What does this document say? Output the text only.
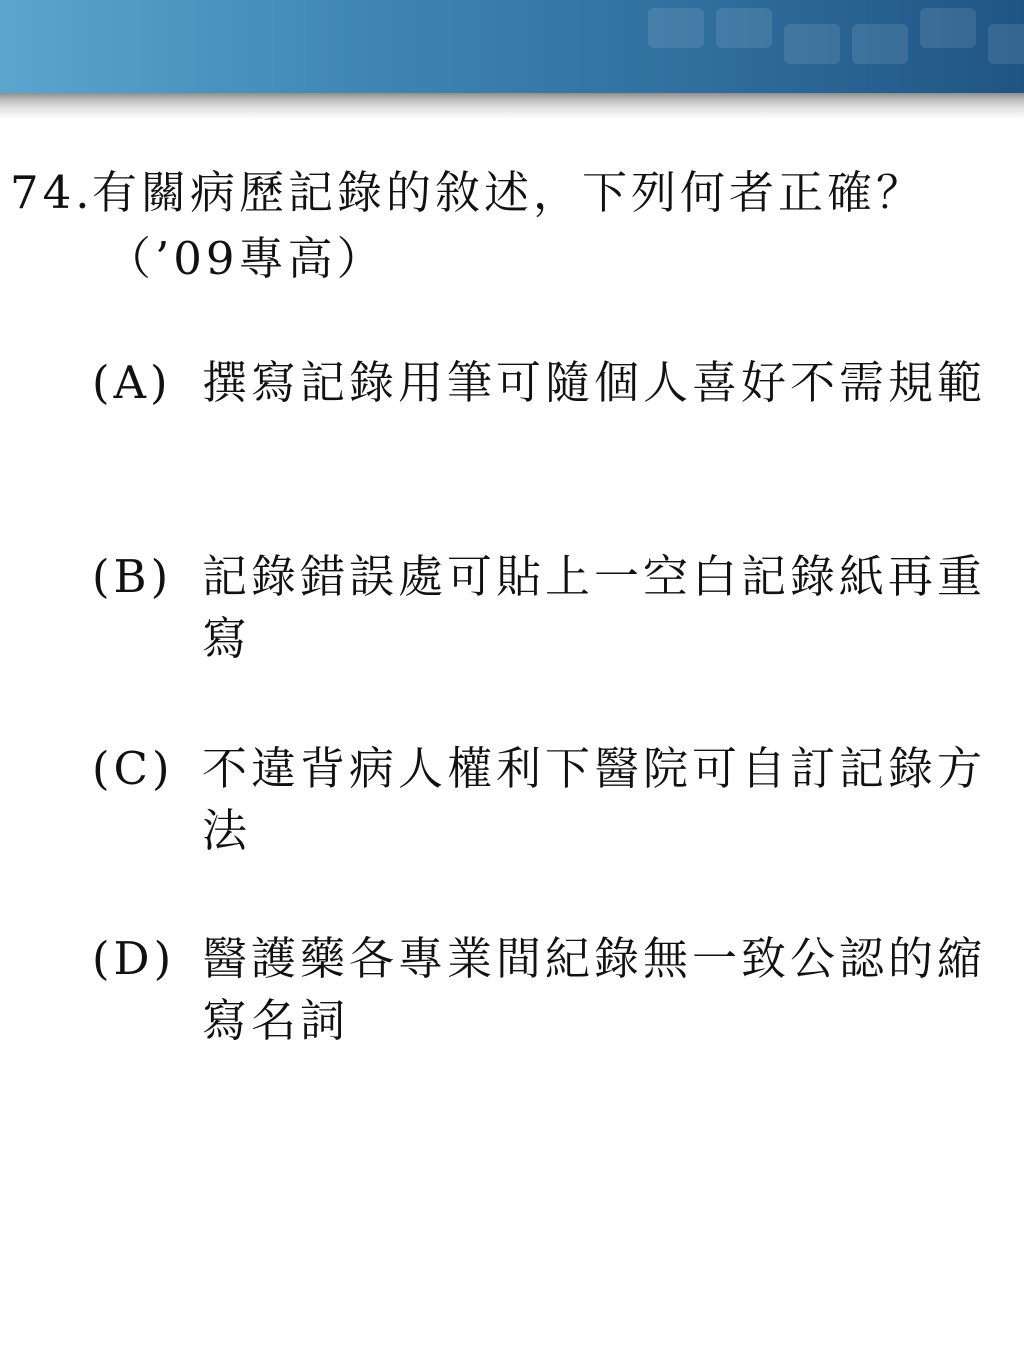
74.有關病歷記錄的敘述，下列何者正確？
（’09專高）
(A) 撰寫記錄用筆可隨個人喜好不需規範
(B) 記錄錯誤處可貼上一空白記錄紙再重寫
(C) 不違背病人權利下醫院可自訂記錄方法
(D) 醫護藥各專業間紀錄無一致公認的縮寫名詞
